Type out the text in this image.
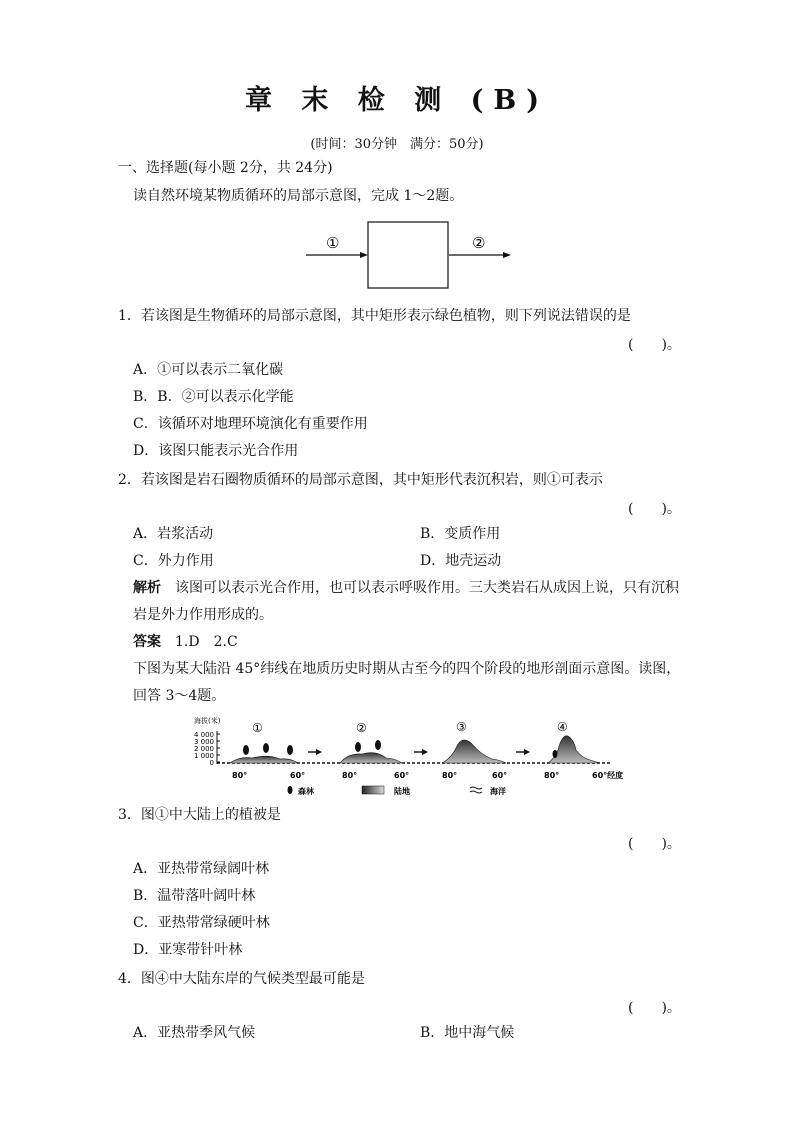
章 末 检 测 (B)
(时间：30分钟　满分：50分)
一、选择题(每小题 2分，共 24分)
读自然环境某物质循环的局部示意图，完成 1～2题。
①	②
1．若该图是生物循环的局部示意图，其中矩形表示绿色植物，则下列说法错误的是
(　　)。
A．①可以表示二氧化碳
B．B．②可以表示化学能
C．该循环对地理环境演化有重要作用
D．该图只能表示光合作用
2．若该图是岩石圈物质循环的局部示意图，其中矩形代表沉积岩，则①可表示
(　　)。
A．岩浆活动	B．变质作用
C．外力作用	D．地壳运动
解析　 该图可以表示光合作用，也可以表示呼吸作用。三大类岩石从成因上说，只有沉积
岩是外力作用形成的。
答案　 1.D　2.C
下图为某大陆沿 45°纬线在地质历史时期从古至今的四个阶段的地形剖面示意图。读图，
回答 3～4题。
海拔(米)
4 000
3 000
2 000
1 000
0
①	②	③	④
80°	60°	80°	60°	80°	60°	80°	60°经度
森林	陆地	海洋
3．图①中大陆上的植被是
(　　)。
A．亚热带常绿阔叶林
B．温带落叶阔叶林
C．亚热带常绿硬叶林
D．亚寒带针叶林
4．图④中大陆东岸的气候类型最可能是
(　　)。
A．亚热带季风气候	B．地中海气候
